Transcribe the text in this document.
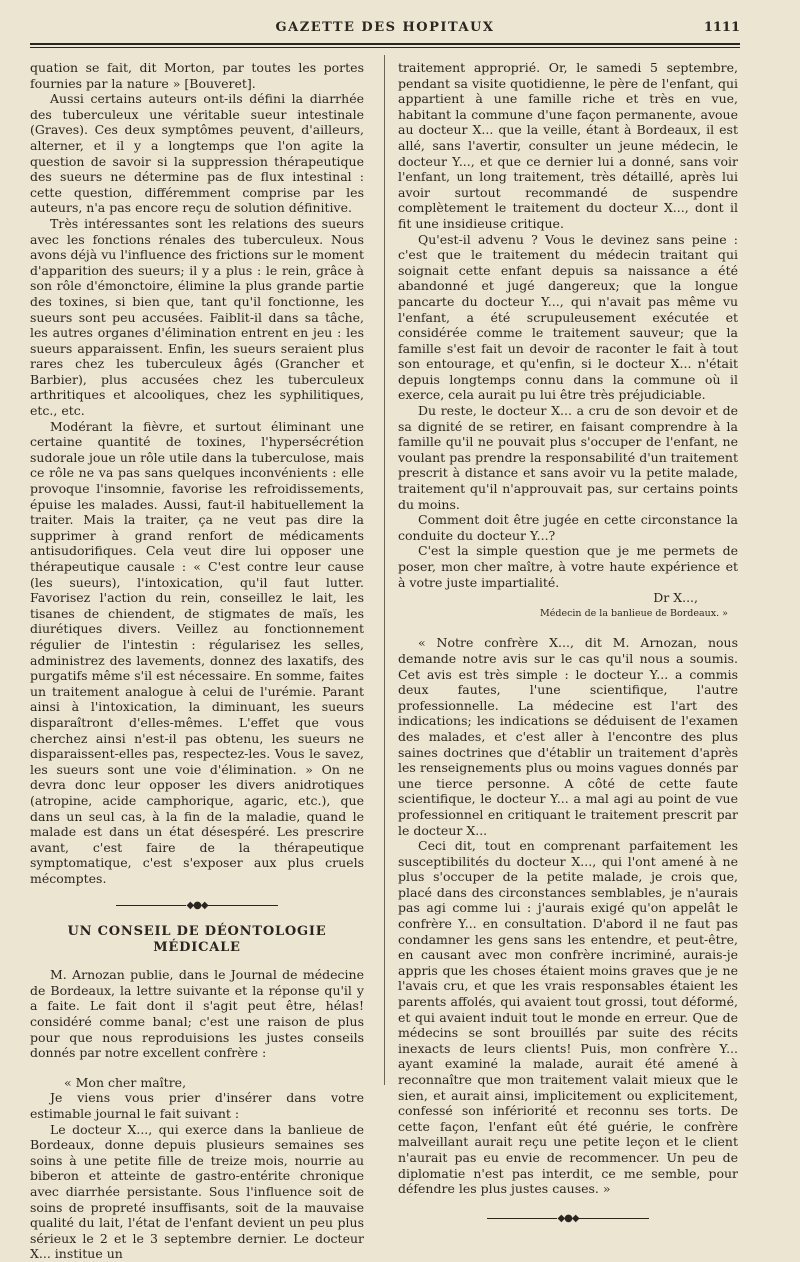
GAZETTE DES HOPITAUX	1111

quation se fait, dit Morton, par toutes les portes fournies par la nature » [Bouveret].

Aussi certains auteurs ont-ils défini la diarrhée des tuberculeux une véritable sueur intestinale (Graves). Ces deux symptômes peuvent, d'ailleurs, alterner, et il y a longtemps que l'on agite la question de savoir si la suppression thérapeutique des sueurs ne détermine pas de flux intestinal : cette question, différemment comprise par les auteurs, n'a pas encore reçu de solution définitive.

Très intéressantes sont les relations des sueurs avec les fonctions rénales des tuberculeux. Nous avons déjà vu l'influence des frictions sur le moment d'apparition des sueurs; il y a plus : le rein, grâce à son rôle d'émonctoire, élimine la plus grande partie des toxines, si bien que, tant qu'il fonctionne, les sueurs sont peu accusées. Faiblit-il dans sa tâche, les autres organes d'élimination entrent en jeu : les sueurs apparaissent. Enfin, les sueurs seraient plus rares chez les tuberculeux âgés (Grancher et Barbier), plus accusées chez les tuberculeux arthritiques et alcooliques, chez les syphilitiques, etc., etc.

Modérant la fièvre, et surtout éliminant une certaine quantité de toxines, l'hypersécrétion sudorale joue un rôle utile dans la tuberculose, mais ce rôle ne va pas sans quelques inconvénients : elle provoque l'insomnie, favorise les refroidissements, épuise les malades. Aussi, faut-il habituellement la traiter. Mais la traiter, ça ne veut pas dire la supprimer à grand renfort de médicaments antisudorifiques. Cela veut dire lui opposer une thérapeutique causale : « C'est contre leur cause (les sueurs), l'intoxication, qu'il faut lutter. Favorisez l'action du rein, conseillez le lait, les tisanes de chiendent, de stigmates de maïs, les diurétiques divers. Veillez au fonctionnement régulier de l'intestin : régularisez les selles, administrez des lavements, donnez des laxatifs, des purgatifs même s'il est nécessaire. En somme, faites un traitement analogue à celui de l'urémie. Parant ainsi à l'intoxication, la diminuant, les sueurs disparaîtront d'elles-mêmes. L'effet que vous cherchez ainsi n'est-il pas obtenu, les sueurs ne disparaissent-elles pas, respectez-les. Vous le savez, les sueurs sont une voie d'élimination. » On ne devra donc leur opposer les divers anidrotiques (atropine, acide camphorique, agaric, etc.), que dans un seul cas, à la fin de la maladie, quand le malade est dans un état désespéré. Les prescrire avant, c'est faire de la thérapeutique symptomatique, c'est s'exposer aux plus cruels mécomptes.

◆●◆
UN CONSEIL DE DÉONTOLOGIE MÉDICALE

M. Arnozan publie, dans le Journal de médecine de Bordeaux, la lettre suivante et la réponse qu'il y a faite. Le fait dont il s'agit peut être, hélas! considéré comme banal; c'est une raison de plus pour que nous reproduisions les justes conseils donnés par notre excellent confrère :

« Mon cher maître,

Je viens vous prier d'insérer dans votre estimable journal le fait suivant :

Le docteur X..., qui exerce dans la banlieue de Bordeaux, donne depuis plusieurs semaines ses soins à une petite fille de treize mois, nourrie au biberon et atteinte de gastro-entérite chronique avec diarrhée persistante. Sous l'influence soit de soins de propreté insuffisants, soit de la mauvaise qualité du lait, l'état de l'enfant devient un peu plus sérieux le 2 et le 3 septembre dernier. Le docteur X... institue un

traitement approprié. Or, le samedi 5 septembre, pendant sa visite quotidienne, le père de l'enfant, qui appartient à une famille riche et très en vue, habitant la commune d'une façon permanente, avoue au docteur X... que la veille, étant à Bordeaux, il est allé, sans l'avertir, consulter un jeune médecin, le docteur Y..., et que ce dernier lui a donné, sans voir l'enfant, un long traitement, très détaillé, après lui avoir surtout recommandé de suspendre complètement le traitement du docteur X..., dont il fit une insidieuse critique.

Qu'est-il advenu ? Vous le devinez sans peine : c'est que le traitement du médecin traitant qui soignait cette enfant depuis sa naissance a été abandonné et jugé dangereux; que la longue pancarte du docteur Y..., qui n'avait pas même vu l'enfant, a été scrupuleusement exécutée et considérée comme le traitement sauveur; que la famille s'est fait un devoir de raconter le fait à tout son entourage, et qu'enfin, si le docteur X... n'était depuis longtemps connu dans la commune où il exerce, cela aurait pu lui être très préjudiciable.

Du reste, le docteur X... a cru de son devoir et de sa dignité de se retirer, en faisant comprendre à la famille qu'il ne pouvait plus s'occuper de l'enfant, ne voulant pas prendre la responsabilité d'un traitement prescrit à distance et sans avoir vu la petite malade, traitement qu'il n'approuvait pas, sur certains points du moins.

Comment doit être jugée en cette circonstance la conduite du docteur Y...?

C'est la simple question que je me permets de poser, mon cher maître, à votre haute expérience et à votre juste impartialité.

Dr X...,

Médecin de la banlieue de Bordeaux. »

« Notre confrère X..., dit M. Arnozan, nous demande notre avis sur le cas qu'il nous a soumis. Cet avis est très simple : le docteur Y... a commis deux fautes, l'une scientifique, l'autre professionnelle. La médecine est l'art des indications; les indications se déduisent de l'examen des malades, et c'est aller à l'encontre des plus saines doctrines que d'établir un traitement d'après les renseignements plus ou moins vagues donnés par une tierce personne. A côté de cette faute scientifique, le docteur Y... a mal agi au point de vue professionnel en critiquant le traitement prescrit par le docteur X...

Ceci dit, tout en comprenant parfaitement les susceptibilités du docteur X..., qui l'ont amené à ne plus s'occuper de la petite malade, je crois que, placé dans des circonstances semblables, je n'aurais pas agi comme lui : j'aurais exigé qu'on appelât le confrère Y... en consultation. D'abord il ne faut pas condamner les gens sans les entendre, et peut-être, en causant avec mon confrère incriminé, aurais-je appris que les choses étaient moins graves que je ne l'avais cru, et que les vrais responsables étaient les parents affolés, qui avaient tout grossi, tout déformé, et qui avaient induit tout le monde en erreur. Que de médecins se sont brouillés par suite des récits inexacts de leurs clients! Puis, mon confrère Y... ayant examiné la malade, aurait été amené à reconnaître que mon traitement valait mieux que le sien, et aurait ainsi, implicitement ou explicitement, confessé son infériorité et reconnu ses torts. De cette façon, l'enfant eût été guérie, le confrère malveillant aurait reçu une petite leçon et le client n'aurait pas eu envie de recommencer. Un peu de diplomatie n'est pas interdit, ce me semble, pour défendre les plus justes causes. »

◆●◆
